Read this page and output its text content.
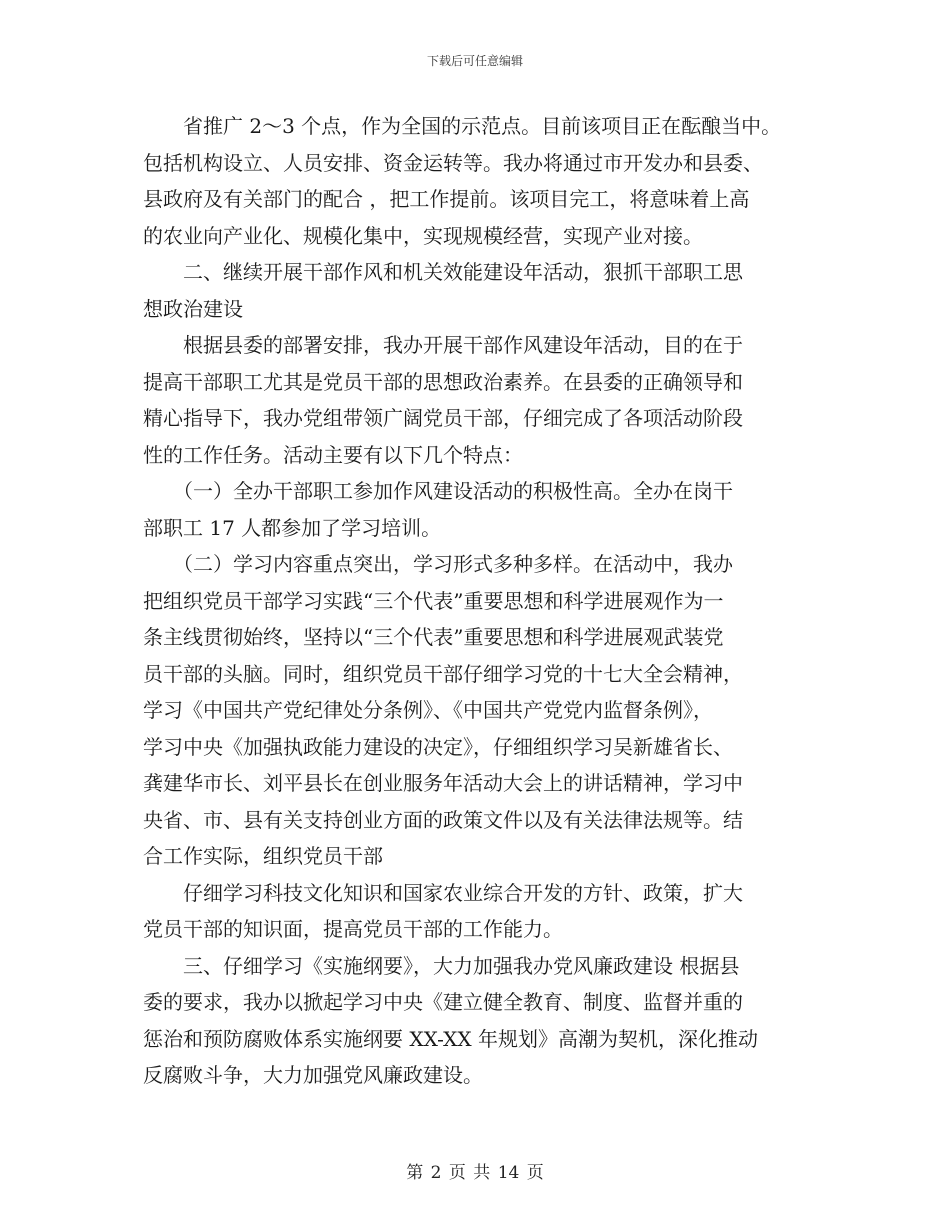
下载后可任意编辑

　　省推广 2～3 个点，作为全国的示范点。目前该项目正在酝酿当中。

包括机构设立、人员安排、资金运转等。我办将通过市开发办和县委、

县政府及有关部门的配合 ，把工作提前。该项目完工，将意味着上高

的农业向产业化、规模化集中，实现规模经营，实现产业对接。

　　二、继续开展干部作风和机关效能建设年活动，狠抓干部职工思

想政治建设

　　根据县委的部署安排，我办开展干部作风建设年活动，目的在于

提高干部职工尤其是党员干部的思想政治素养。在县委的正确领导和

精心指导下，我办党组带领广阔党员干部，仔细完成了各项活动阶段

性的工作任务。活动主要有以下几个特点：

　　（一）全办干部职工参加作风建设活动的积极性高。全办在岗干

部职工 17 人都参加了学习培训。

　　（二）学习内容重点突出，学习形式多种多样。在活动中，我办

把组织党员干部学习实践“三个代表”重要思想和科学进展观作为一

条主线贯彻始终，坚持以“三个代表”重要思想和科学进展观武装党

员干部的头脑。同时，组织党员干部仔细学习党的十七大全会精神，

学习《中国共产党纪律处分条例》、《中国共产党党内监督条例》，

学习中央《加强执政能力建设的决定》，仔细组织学习吴新雄省长、

龚建华市长、刘平县长在创业服务年活动大会上的讲话精神，学习中

央省、市、县有关支持创业方面的政策文件以及有关法律法规等。结

合工作实际，组织党员干部

　　仔细学习科技文化知识和国家农业综合开发的方针、政策，扩大

党员干部的知识面，提高党员干部的工作能力。

　　三、仔细学习《实施纲要》，大力加强我办党风廉政建设 根据县

委的要求，我办以掀起学习中央《建立健全教育、制度、监督并重的

惩治和预防腐败体系实施纲要 XX-XX 年规划》高潮为契机，深化推动

反腐败斗争，大力加强党风廉政建设。

第 2 页 共 14 页
